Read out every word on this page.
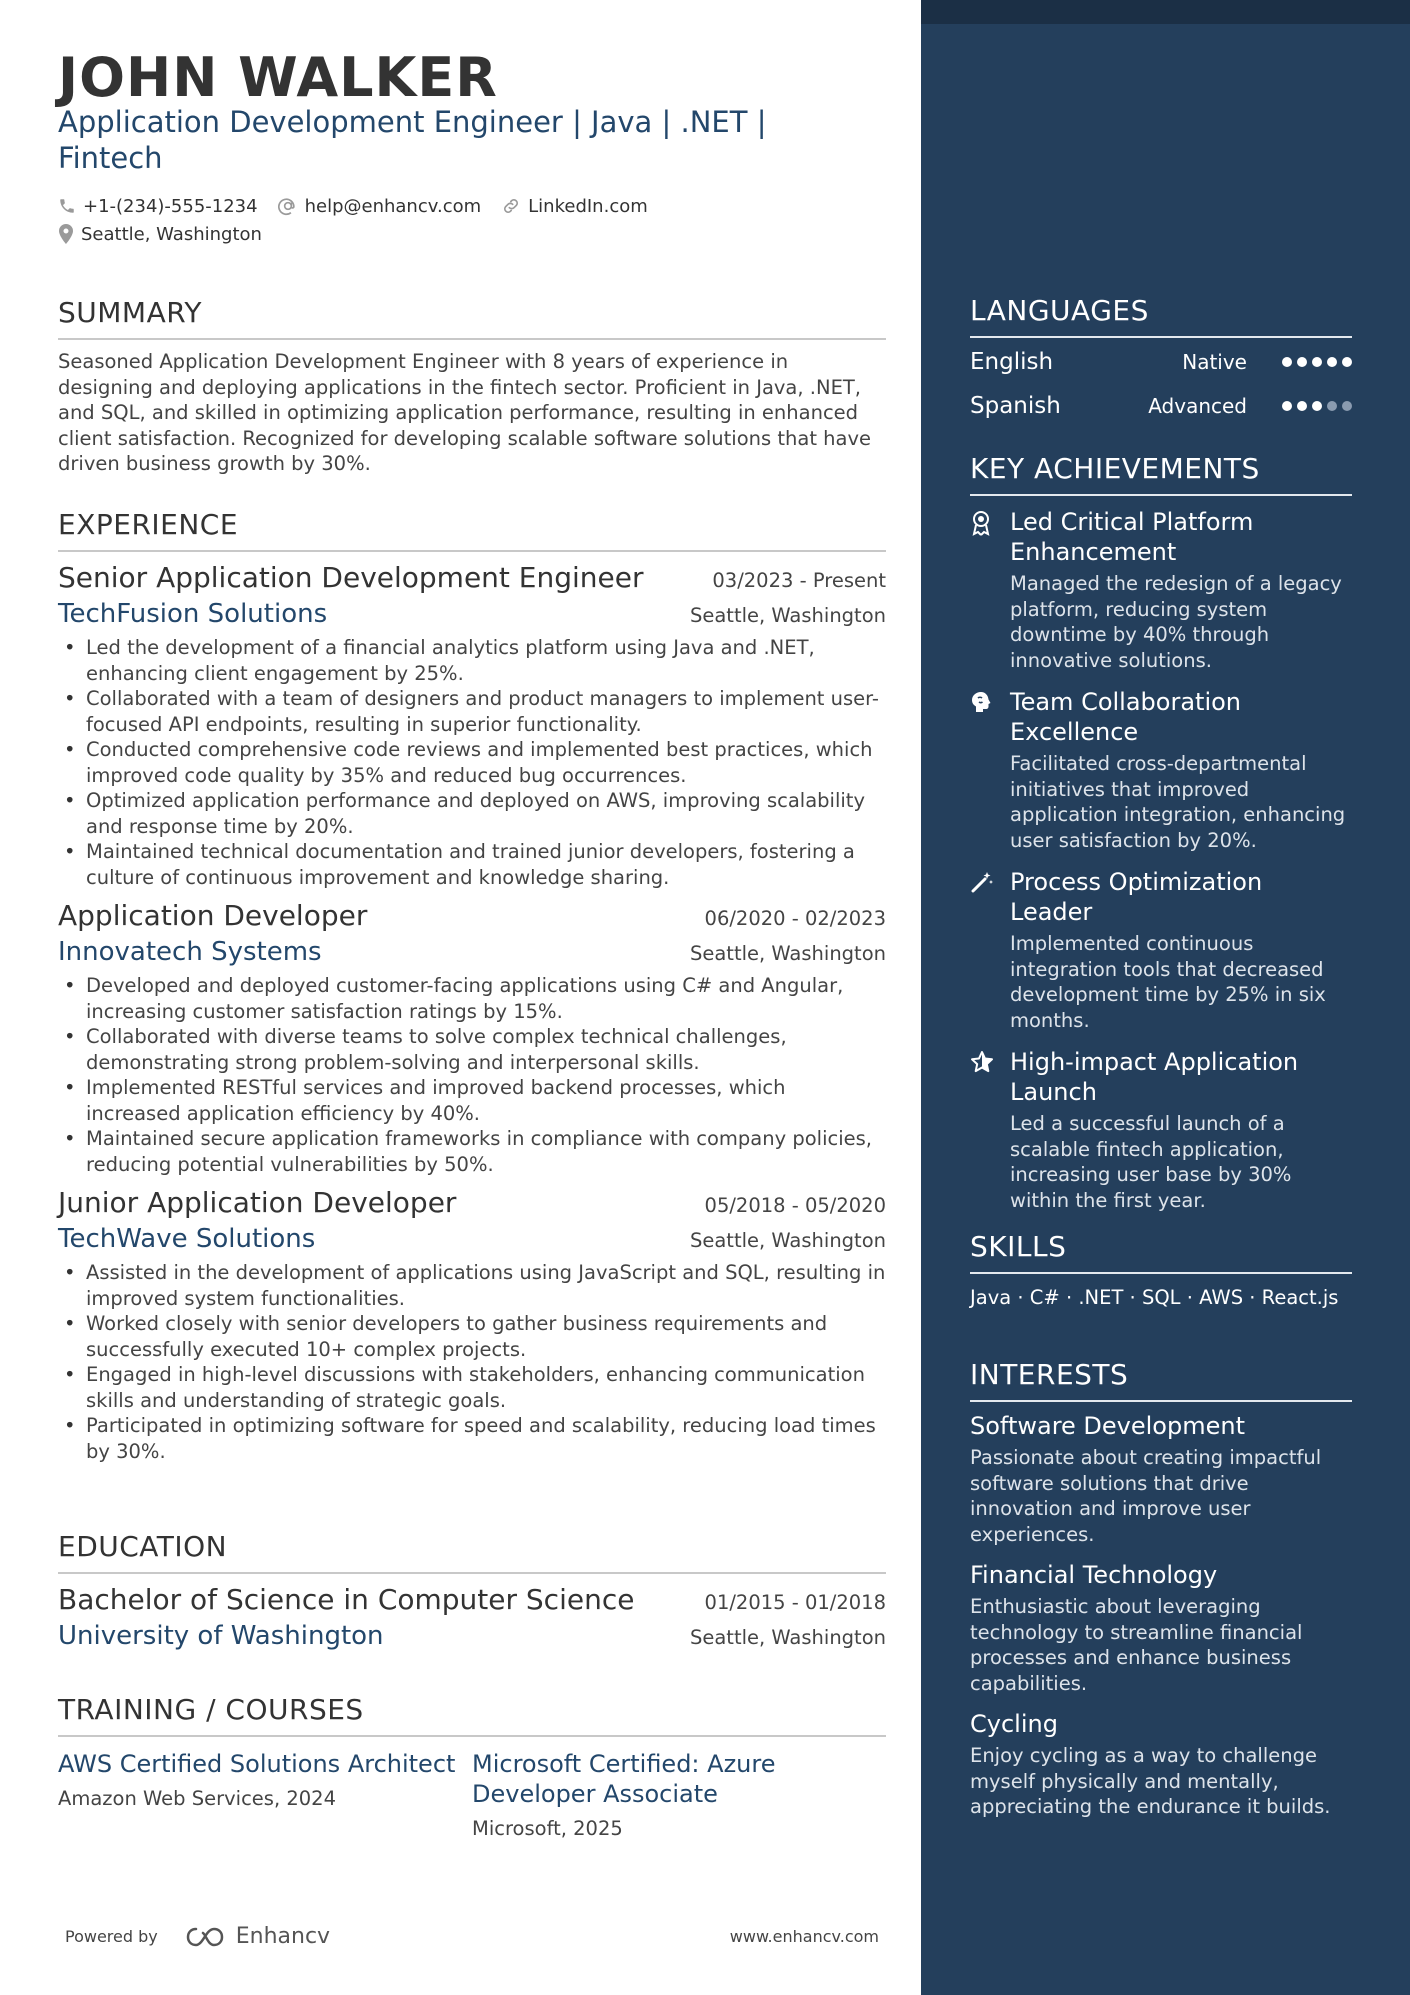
JOHN WALKER
Application Development Engineer | Java | .NET | Fintech
+1-(234)-555-1234	help@enhancv.com	LinkedIn.com
Seattle, Washington
SUMMARY
Seasoned Application Development Engineer with 8 years of experience in designing and deploying applications in the fintech sector. Proficient in Java, .NET, and SQL, and skilled in optimizing application performance, resulting in enhanced client satisfaction. Recognized for developing scalable software solutions that have driven business growth by 30%.
EXPERIENCE
Senior Application Development Engineer	03/2023 - Present
TechFusion Solutions	Seattle, Washington
• Led the development of a financial analytics platform using Java and .NET, enhancing client engagement by 25%.
• Collaborated with a team of designers and product managers to implement user-focused API endpoints, resulting in superior functionality.
• Conducted comprehensive code reviews and implemented best practices, which improved code quality by 35% and reduced bug occurrences.
• Optimized application performance and deployed on AWS, improving scalability and response time by 20%.
• Maintained technical documentation and trained junior developers, fostering a culture of continuous improvement and knowledge sharing.
Application Developer	06/2020 - 02/2023
Innovatech Systems	Seattle, Washington
• Developed and deployed customer-facing applications using C# and Angular, increasing customer satisfaction ratings by 15%.
• Collaborated with diverse teams to solve complex technical challenges, demonstrating strong problem-solving and interpersonal skills.
• Implemented RESTful services and improved backend processes, which increased application efficiency by 40%.
• Maintained secure application frameworks in compliance with company policies, reducing potential vulnerabilities by 50%.
Junior Application Developer	05/2018 - 05/2020
TechWave Solutions	Seattle, Washington
• Assisted in the development of applications using JavaScript and SQL, resulting in improved system functionalities.
• Worked closely with senior developers to gather business requirements and successfully executed 10+ complex projects.
• Engaged in high-level discussions with stakeholders, enhancing communication skills and understanding of strategic goals.
• Participated in optimizing software for speed and scalability, reducing load times by 30%.
EDUCATION
Bachelor of Science in Computer Science	01/2015 - 01/2018
University of Washington	Seattle, Washington
TRAINING / COURSES
AWS Certified Solutions Architect
Amazon Web Services, 2024
Microsoft Certified: Azure Developer Associate
Microsoft, 2025
Powered by	Enhancv	www.enhancv.com
LANGUAGES
English	Native
Spanish	Advanced
KEY ACHIEVEMENTS
Led Critical Platform Enhancement
Managed the redesign of a legacy platform, reducing system downtime by 40% through innovative solutions.
Team Collaboration Excellence
Facilitated cross-departmental initiatives that improved application integration, enhancing user satisfaction by 20%.
Process Optimization Leader
Implemented continuous integration tools that decreased development time by 25% in six months.
High-impact Application Launch
Led a successful launch of a scalable fintech application, increasing user base by 30% within the first year.
SKILLS
Java · C# · .NET · SQL · AWS · React.js
INTERESTS
Software Development
Passionate about creating impactful software solutions that drive innovation and improve user experiences.
Financial Technology
Enthusiastic about leveraging technology to streamline financial processes and enhance business capabilities.
Cycling
Enjoy cycling as a way to challenge myself physically and mentally, appreciating the endurance it builds.
